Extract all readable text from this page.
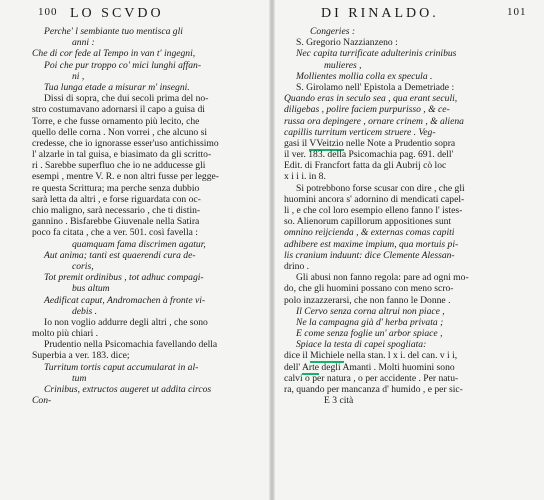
100 LO SCVDO
Perche' l sembiante tuo mentisca gli
anni :
Che di cor fede al Tempo in van t' ingegni,
Poi che pur troppo co' mici lunghi affan-
ni ,
Tua lunga etade a misurar m' insegni.
Dissi di sopra, che dui secoli prima del no-
stro costumavano adornarsi il capo a guisa di
Torre, e che fusse ornamento più lecito, che
quello delle corna . Non vorrei , che alcuno si
credesse, che io ignorasse esser'uso antichissimo
l' alzarle in tal guisa, e biasimato da gli scritto-
ri . Sarebbe superfluo che io ne adducesse gli
esempi , mentre V. R. e non altri fusse per legge-
re questa Scrittura; ma perche senza dubbio
sarà letta da altri , e forse riguardata con oc-
chio maligno, sarà necessario , che ti distin-
gannino . Bisfarebbe Giuvenale nella Satira
poco fa citata , che a ver. 501. così favella :
quamquam fama discrimen agatur,
Aut anima; tanti est quaerendi cura de-
coris,
Tot premit ordinibus , tot adhuc compagi-
bus altum
Aedificat caput, Andromachen à fronte vi-
debis .
Io non voglio addurre degli altri , che sono
molto più chiari .
Prudentio nella Psicomachia favellando della
Superbia a ver. 183. dice;
Turritum tortis caput accumularat in al-
tum
Crinibus, extructos augeret ut addita circos
Con-
DI RINALDO.	101
Congeries :
S. Gregorio Nazzianzeno :
Nec capita turrificate adulterinis crinibus
mulieres ,
Mollientes mollia colla ex specula .
S. Girolamo nell' Epistola a Demetriade :
Quando eras in seculo sea , qua erant seculi,
diligebas , polire faciem purpurisso , & ce-
russa ora depingere , ornare crinem , & aliena
capillis turritum verticem struere . Veg-
gasi il VVeitzio nelle Note a Prudentio sopra
il ver. 183. della Psicomachia pag. 691. dell'
Edit. di Francfort fatta da gli Aubrij cò loc
x i i i. in 8.
Si potrebbono forse scusar con dire , che gli
huomini ancora s' adornino di mendicati capel-
li , e che col loro esempio elleno fanno l' istes-
so. Alienorum capillorum appositiones sunt
omnino reijcienda , & externas comas capiti
adhibere est maxime impium, qua mortuis pi-
lis cranium induunt: dice Clemente Alessan-
drino .
Gli abusi non fanno regola: pare ad ogni mo-
do, che gli huomini possano con meno scro-
polo inzazzerarsi, che non fanno le Donne .
Il Cervo senza corna altrui non piace ,
Ne la campagna già d' herba privata ;
E come senza foglie un' arbor spiace ,
Spiace la testa di capei spogliata:
dice il Michiele nella stan. l x i. del can. v i i,
dell' Arte degli Amanti . Molti huomini sono
calvi o per natura , o per accidente . Per natu-
ra, quando per mancanza d' humido , e per sic-
E 3 cità
